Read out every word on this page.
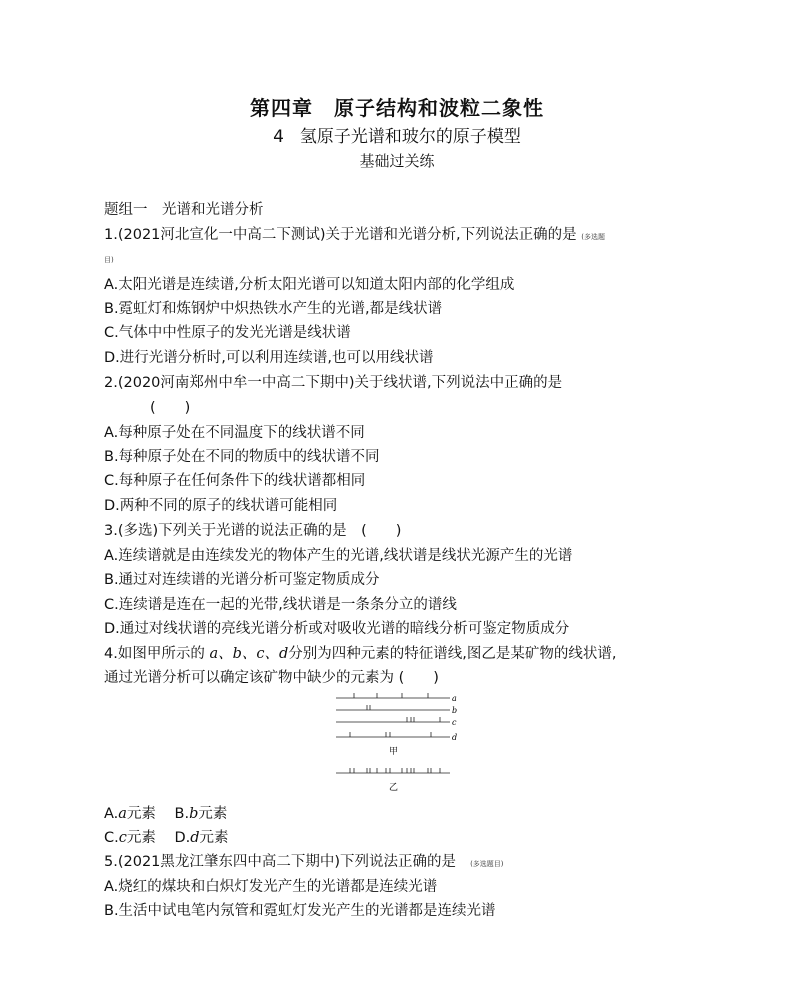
第四章　原子结构和波粒二象性
4 氢原子光谱和玻尔的原子模型
基础过关练
题组一　光谱和光谱分析
1.(2021河北宣化一中高二下测试)关于光谱和光谱分析,下列说法正确的是 (多选题
目)
A.太阳光谱是连续谱,分析太阳光谱可以知道太阳内部的化学组成
B.霓虹灯和炼钢炉中炽热铁水产生的光谱,都是线状谱
C.气体中中性原子的发光光谱是线状谱
D.进行光谱分析时,可以利用连续谱,也可以用线状谱
2.(2020河南郑州中牟一中高二下期中)关于线状谱,下列说法中正确的是
(　　)
A.每种原子处在不同温度下的线状谱不同
B.每种原子处在不同的物质中的线状谱不同
C.每种原子在任何条件下的线状谱都相同
D.两种不同的原子的线状谱可能相同
3.(多选)下列关于光谱的说法正确的是　(　　)
A.连续谱就是由连续发光的物体产生的光谱,线状谱是线状光源产生的光谱
B.通过对连续谱的光谱分析可鉴定物质成分
C.连续谱是连在一起的光带,线状谱是一条条分立的谱线
D.通过对线状谱的亮线光谱分析或对吸收光谱的暗线分析可鉴定物质成分
4.如图甲所示的 a、b、c、d分别为四种元素的特征谱线,图乙是某矿物的线状谱,
通过光谱分析可以确定该矿物中缺少的元素为 (　　)
a
b
c
d
甲
乙
A.a元素 B.b元素
C.c元素 D.d元素
5.(2021黑龙江肇东四中高二下期中)下列说法正确的是 (多选题目)
A.烧红的煤块和白炽灯发光产生的光谱都是连续光谱
B.生活中试电笔内氖管和霓虹灯发光产生的光谱都是连续光谱
